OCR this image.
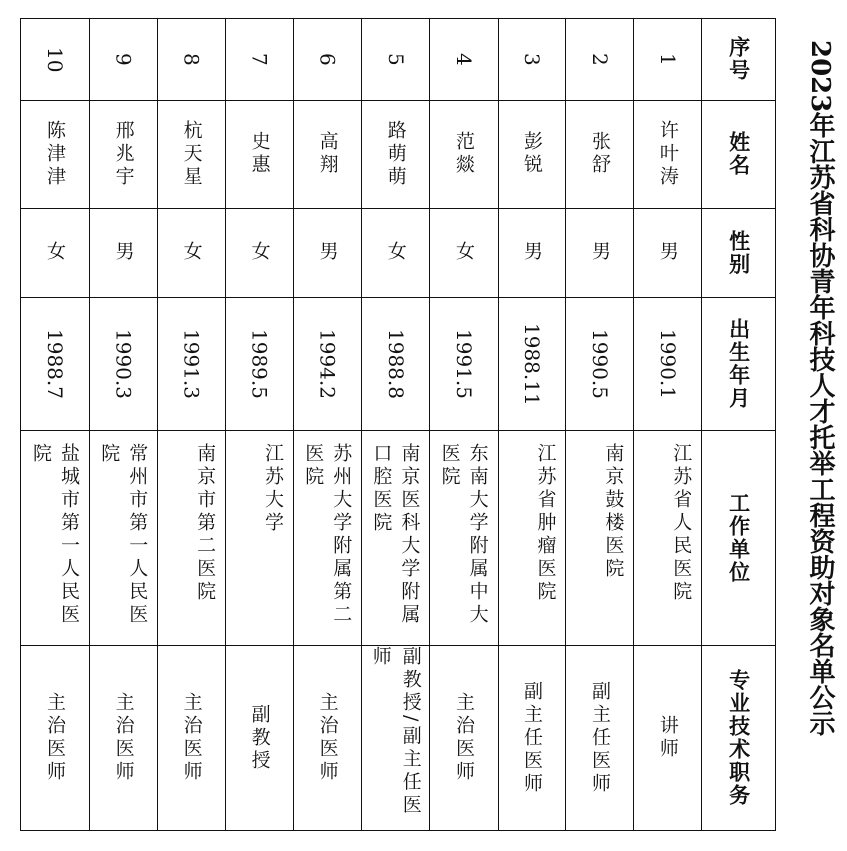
2023年江苏省科协青年科技人才托举工程资助对象名单公示
序号
姓名
性别
出生年月
工作单位
专业技术职务
1
许叶涛
男
1990.1
江苏省人民医院
讲师
2
张舒
男
1990.5
南京鼓楼医院
副主任医师
3
彭锐
男
1988.11
江苏省肿瘤医院
副主任医师
4
范燚
女
1991.5
东南大学附属中大医院
主治医师
5
路萌萌
女
1988.8
南京医科大学附属口腔医院
副教授/副主任医师
6
高翔
男
1994.2
苏州大学附属第二医院
主治医师
7
史惠
女
1989.5
江苏大学
副教授
8
杭天星
女
1991.3
南京市第二医院
主治医师
9
邢兆宇
男
1990.3
常州市第一人民医院
主治医师
10
陈津津
女
1988.7
盐城市第一人民医院
主治医师
